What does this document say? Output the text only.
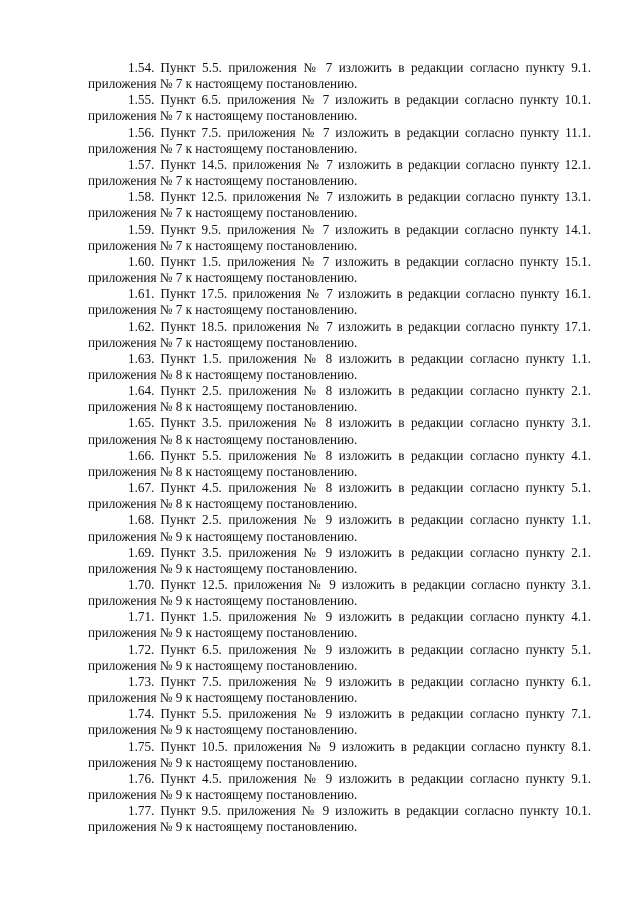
1.54. Пункт 5.5. приложения № 7 изложить в редакции согласно пункту 9.1. приложения № 7 к настоящему постановлению.

1.55. Пункт 6.5. приложения № 7 изложить в редакции согласно пункту 10.1. приложения № 7 к настоящему постановлению.

1.56. Пункт 7.5. приложения № 7 изложить в редакции согласно пункту 11.1. приложения № 7 к настоящему постановлению.

1.57. Пункт 14.5. приложения № 7 изложить в редакции согласно пункту 12.1. приложения № 7 к настоящему постановлению.

1.58. Пункт 12.5. приложения № 7 изложить в редакции согласно пункту 13.1. приложения № 7 к настоящему постановлению.

1.59. Пункт 9.5. приложения № 7 изложить в редакции согласно пункту 14.1. приложения № 7 к настоящему постановлению.

1.60. Пункт 1.5. приложения № 7 изложить в редакции согласно пункту 15.1. приложения № 7 к настоящему постановлению.

1.61. Пункт 17.5. приложения № 7 изложить в редакции согласно пункту 16.1. приложения № 7 к настоящему постановлению.

1.62. Пункт 18.5. приложения № 7 изложить в редакции согласно пункту 17.1. приложения № 7 к настоящему постановлению.

1.63. Пункт 1.5. приложения № 8 изложить в редакции согласно пункту 1.1. приложения № 8 к настоящему постановлению.

1.64. Пункт 2.5. приложения № 8 изложить в редакции согласно пункту 2.1. приложения № 8 к настоящему постановлению.

1.65. Пункт 3.5. приложения № 8 изложить в редакции согласно пункту 3.1. приложения № 8 к настоящему постановлению.

1.66. Пункт 5.5. приложения № 8 изложить в редакции согласно пункту 4.1. приложения № 8 к настоящему постановлению.

1.67. Пункт 4.5. приложения № 8 изложить в редакции согласно пункту 5.1. приложения № 8 к настоящему постановлению.

1.68. Пункт 2.5. приложения № 9 изложить в редакции согласно пункту 1.1. приложения № 9 к настоящему постановлению.

1.69. Пункт 3.5. приложения № 9 изложить в редакции согласно пункту 2.1. приложения № 9 к настоящему постановлению.

1.70. Пункт 12.5. приложения № 9 изложить в редакции согласно пункту 3.1. приложения № 9 к настоящему постановлению.

1.71. Пункт 1.5. приложения № 9 изложить в редакции согласно пункту 4.1. приложения № 9 к настоящему постановлению.

1.72. Пункт 6.5. приложения № 9 изложить в редакции согласно пункту 5.1. приложения № 9 к настоящему постановлению.

1.73. Пункт 7.5. приложения № 9 изложить в редакции согласно пункту 6.1. приложения № 9 к настоящему постановлению.

1.74. Пункт 5.5. приложения № 9 изложить в редакции согласно пункту 7.1. приложения № 9 к настоящему постановлению.

1.75. Пункт 10.5. приложения № 9 изложить в редакции согласно пункту 8.1. приложения № 9 к настоящему постановлению.

1.76. Пункт 4.5. приложения № 9 изложить в редакции согласно пункту 9.1. приложения № 9 к настоящему постановлению.

1.77. Пункт 9.5. приложения № 9 изложить в редакции согласно пункту 10.1. приложения № 9 к настоящему постановлению.
